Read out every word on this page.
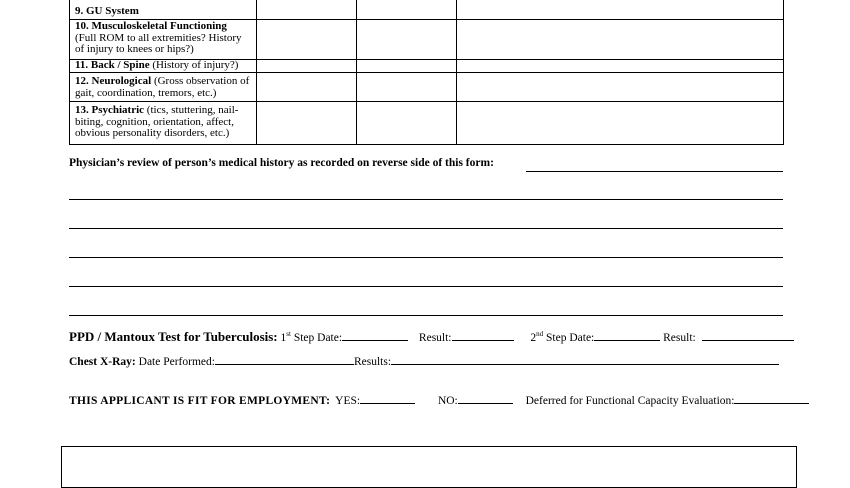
9. GU System
10. Musculoskeletal Functioning
(Full ROM to all extremities? History of injury to knees or hips?)
11. Back / Spine (History of injury?)
12. Neurological (Gross observation of gait, coordination, tremors, etc.)
13. Psychiatric (tics, stuttering, nail-biting, cognition, orientation, affect, obvious personality disorders, etc.)
Physician’s review of person’s medical history as recorded on reverse side of this form:
PPD / Mantoux Test for Tuberculosis: 1st Step Date:	Result:	2nd Step Date:	Result:
Chest X-Ray: Date Performed:	Results:
THIS APPLICANT IS FIT FOR EMPLOYMENT: YES:	NO:	Deferred for Functional Capacity Evaluation:
